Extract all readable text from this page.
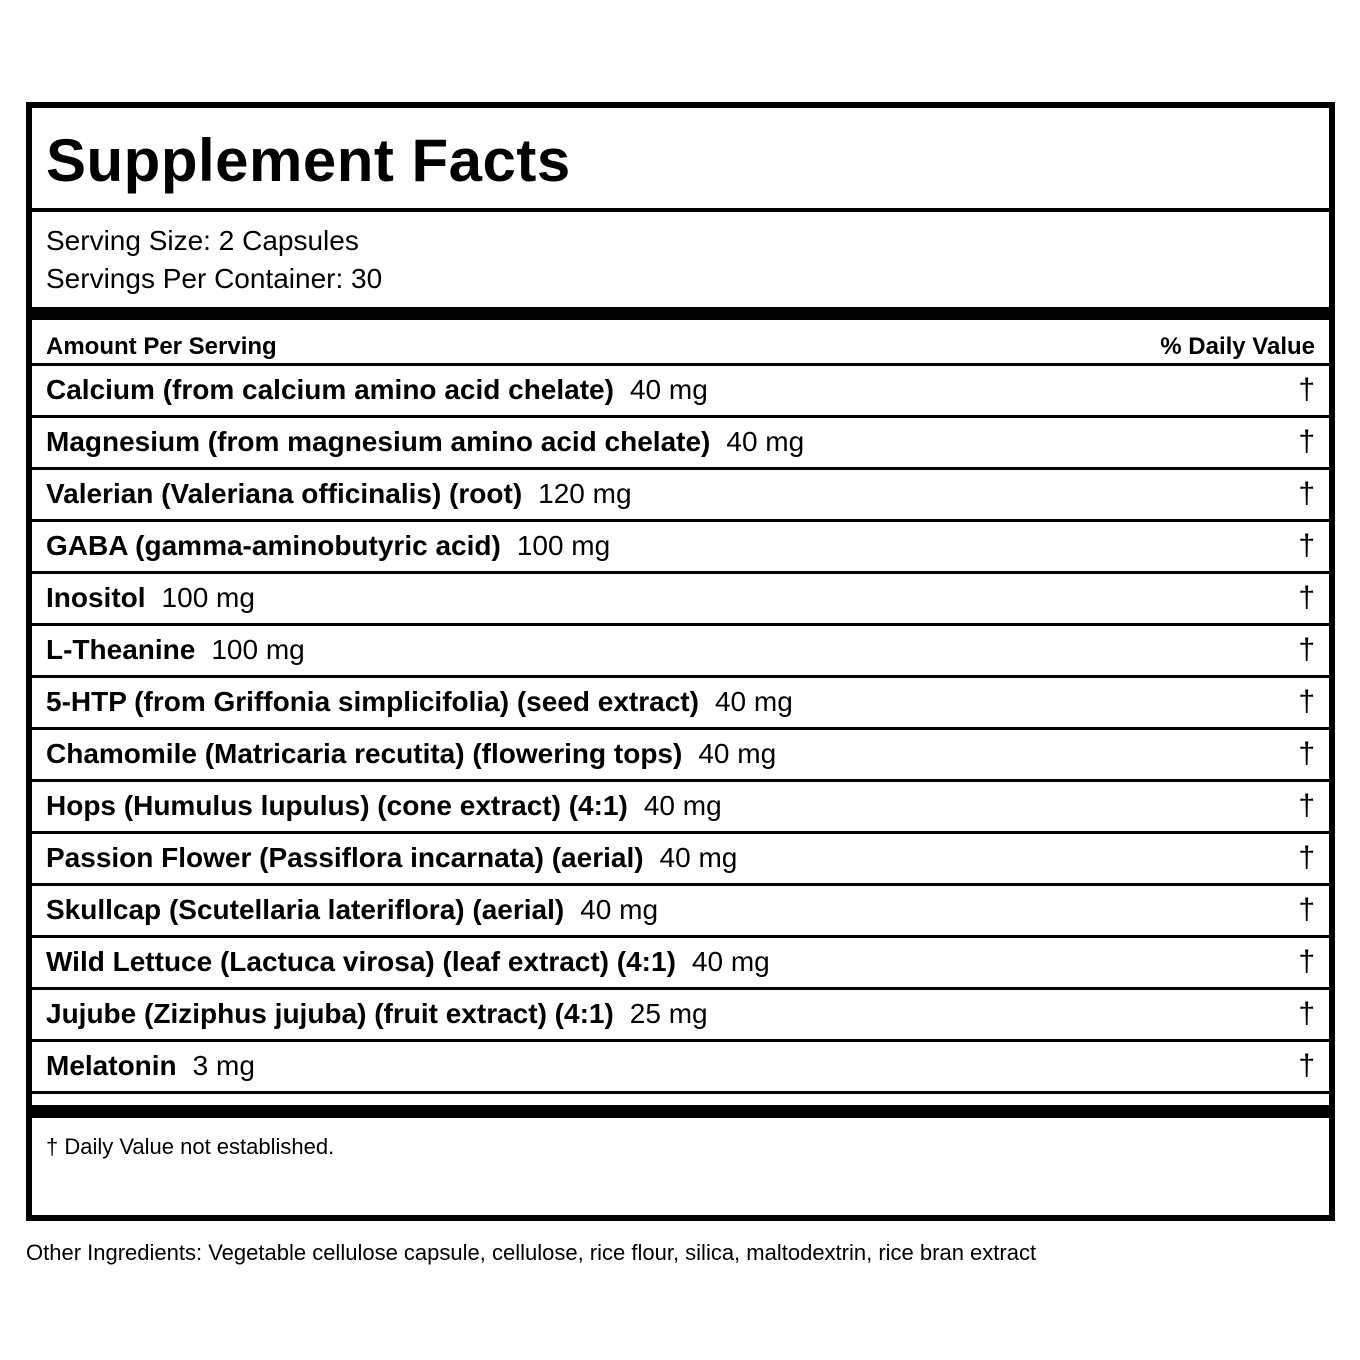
Supplement Facts
Serving Size: 2 Capsules
Servings Per Container: 30
Amount Per Serving	% Daily Value
Calcium (from calcium amino acid chelate) 40 mg	†
Magnesium (from magnesium amino acid chelate) 40 mg	†
Valerian (Valeriana officinalis) (root) 120 mg	†
GABA (gamma-aminobutyric acid) 100 mg	†
Inositol 100 mg	†
L-Theanine 100 mg	†
5-HTP (from Griffonia simplicifolia) (seed extract) 40 mg	†
Chamomile (Matricaria recutita) (flowering tops) 40 mg	†
Hops (Humulus lupulus) (cone extract) (4:1) 40 mg	†
Passion Flower (Passiflora incarnata) (aerial) 40 mg	†
Skullcap (Scutellaria lateriflora) (aerial) 40 mg	†
Wild Lettuce (Lactuca virosa) (leaf extract) (4:1) 40 mg	†
Jujube (Ziziphus jujuba) (fruit extract) (4:1) 25 mg	†
Melatonin 3 mg	†
† Daily Value not established.
Other Ingredients: Vegetable cellulose capsule, cellulose, rice flour, silica, maltodextrin, rice bran extract
